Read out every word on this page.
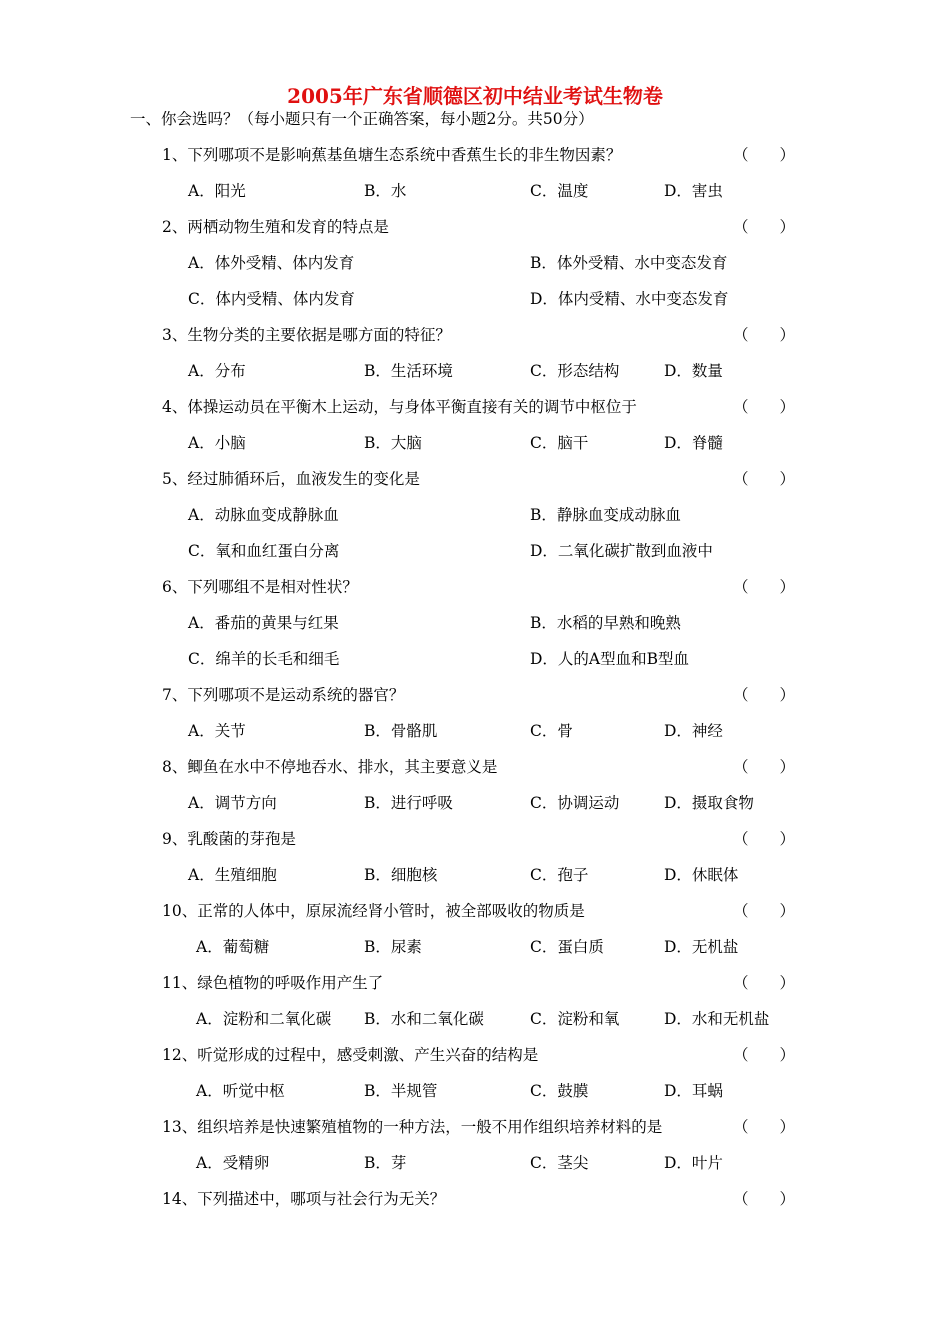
2005年广东省顺德区初中结业考试生物卷
一、你会选吗？（每小题只有一个正确答案，每小题2分。共50分）
1、下列哪项不是影响蕉基鱼塘生态系统中香蕉生长的非生物因素？	（　　）
A．阳光	B．水	C．温度	D．害虫
2、两栖动物生殖和发育的特点是	（　　）
A．体外受精、体内发育	B．体外受精、水中变态发育
C．体内受精、体内发育	D．体内受精、水中变态发育
3、生物分类的主要依据是哪方面的特征？	（　　）
A．分布	B．生活环境	C．形态结构	D．数量
4、体操运动员在平衡木上运动，与身体平衡直接有关的调节中枢位于	（　　）
A．小脑	B．大脑	C．脑干	D．脊髓
5、经过肺循环后，血液发生的变化是	（　　）
A．动脉血变成静脉血	B．静脉血变成动脉血
C．氧和血红蛋白分离	D．二氧化碳扩散到血液中
6、下列哪组不是相对性状？	（　　）
A．番茄的黄果与红果	B．水稻的早熟和晚熟
C．绵羊的长毛和细毛	D．人的A型血和B型血
7、下列哪项不是运动系统的器官？	（　　）
A．关节	B．骨骼肌	C．骨	D．神经
8、鲫鱼在水中不停地吞水、排水，其主要意义是	（　　）
A．调节方向	B．进行呼吸	C．协调运动	D．摄取食物
9、乳酸菌的芽孢是	（　　）
A．生殖细胞	B．细胞核	C．孢子	D．休眠体
10、正常的人体中，原尿流经肾小管时，被全部吸收的物质是	（　　）
A．葡萄糖	B．尿素	C．蛋白质	D．无机盐
11、绿色植物的呼吸作用产生了	（　　）
A．淀粉和二氧化碳 B．水和二氧化碳	C．淀粉和氧	D．水和无机盐
12、听觉形成的过程中，感受刺激、产生兴奋的结构是	（　　）
A．听觉中枢	B．半规管	C．鼓膜	D．耳蜗
13、组织培养是快速繁殖植物的一种方法，一般不用作组织培养材料的是	（　　）
A．受精卵	B．芽	C．茎尖	D．叶片
14、下列描述中，哪项与社会行为无关？	（　　）
